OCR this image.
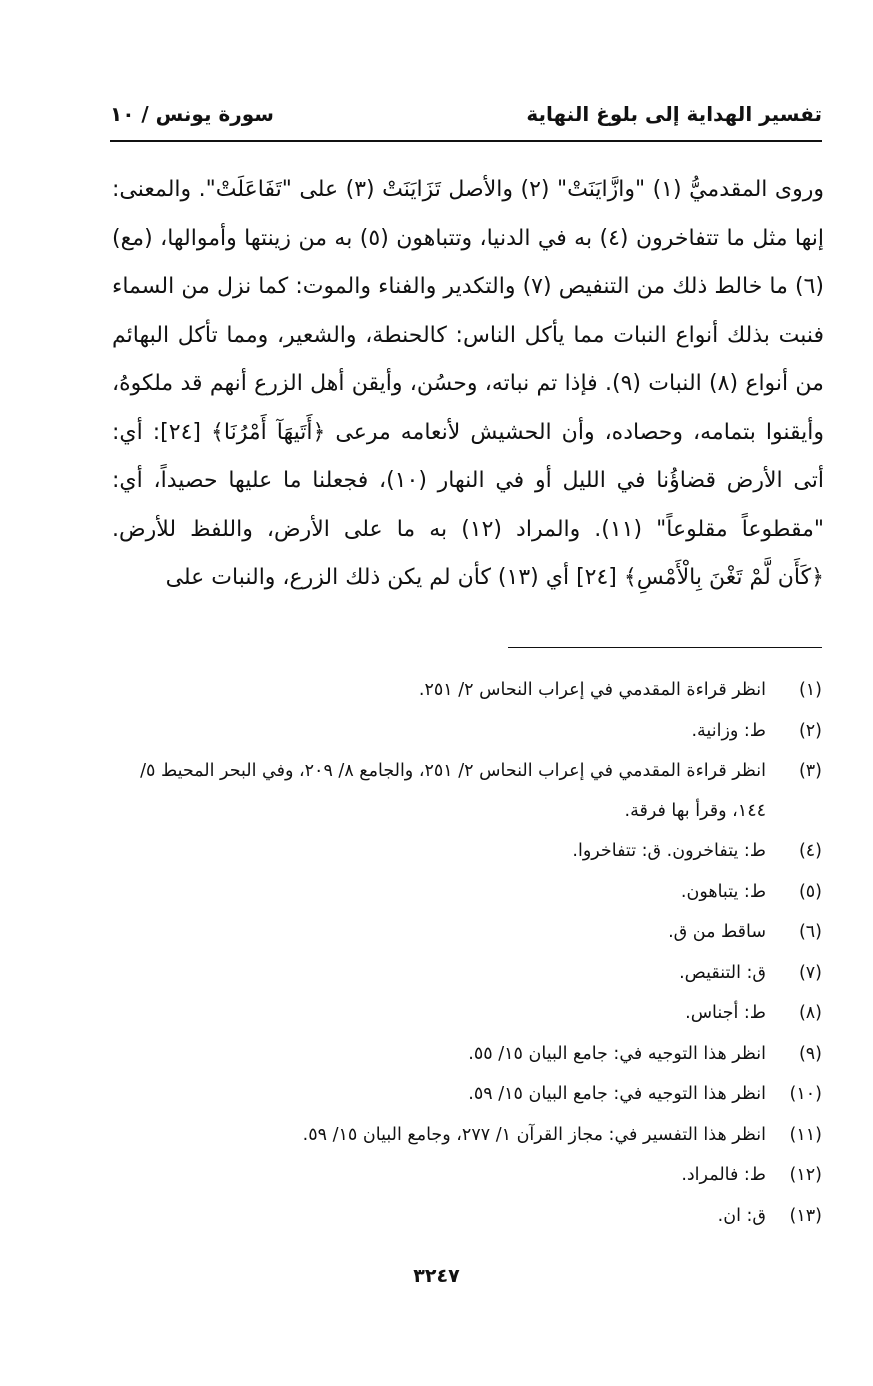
تفسير الهداية إلى بلوغ النهاية
سورة يونس / ١٠

وروى المقدميُّ (١) "وازَّايَنَتْ" (٢) والأصل تَزَايَنَتْ (٣) على "تَفَاعَلَتْ". والمعنى: إنها مثل ما تتفاخرون (٤) به في الدنيا، وتتباهون (٥) به من زينتها وأموالها، (مع) (٦) ما خالط ذلك من التنفيص (٧) والتكدير والفناء والموت: كما نزل من السماء فنبت بذلك أنواع النبات مما يأكل الناس: كالحنطة، والشعير، ومما تأكل البهائم من أنواع (٨) النبات (٩). فإذا تم نباته، وحسُن، وأيقن أهل الزرع أنهم قد ملكوهُ، وأيقنوا بتمامه، وحصاده، وأن الحشيش لأنعامه مرعى ﴿أَتَيهَآ أَمْرُنَا﴾ [٢٤]: أي: أتى الأرض قضاؤُنا في الليل أو في النهار (١٠)، فجعلنا ما عليها حصيداً، أي: "مقطوعاً مقلوعاً" (١١). والمراد (١٢) به ما على الأرض، واللفظ للأرض.

﴿كَأَن لَّمْ تَغْنَ بِالْأَمْسِ﴾ [٢٤] أي (١٣) كأن لم يكن ذلك الزرع، والنبات على

(١)
انظر قراءة المقدمي في إعراب النحاس ٢/ ٢٥١.
(٢)
ط: وزانية.
(٣)
انظر قراءة المقدمي في إعراب النحاس ٢/ ٢٥١، والجامع ٨/ ٢٠٩، وفي البحر المحيط ٥/ ١٤٤، وقرأ بها فرقة.
(٤)
ط: يتفاخرون. ق: تتفاخروا.
(٥)
ط: يتباهون.
(٦)
ساقط من ق.
(٧)
ق: التنقيص.
(٨)
ط: أجناس.
(٩)
انظر هذا التوجيه في: جامع البيان ١٥/ ٥٥.
(١٠)
انظر هذا التوجيه في: جامع البيان ١٥/ ٥٩.
(١١)
انظر هذا التفسير في: مجاز القرآن ١/ ٢٧٧، وجامع البيان ١٥/ ٥٩.
(١٢)
ط: فالمراد.
(١٣)
ق: ان.
٣٢٤٧
